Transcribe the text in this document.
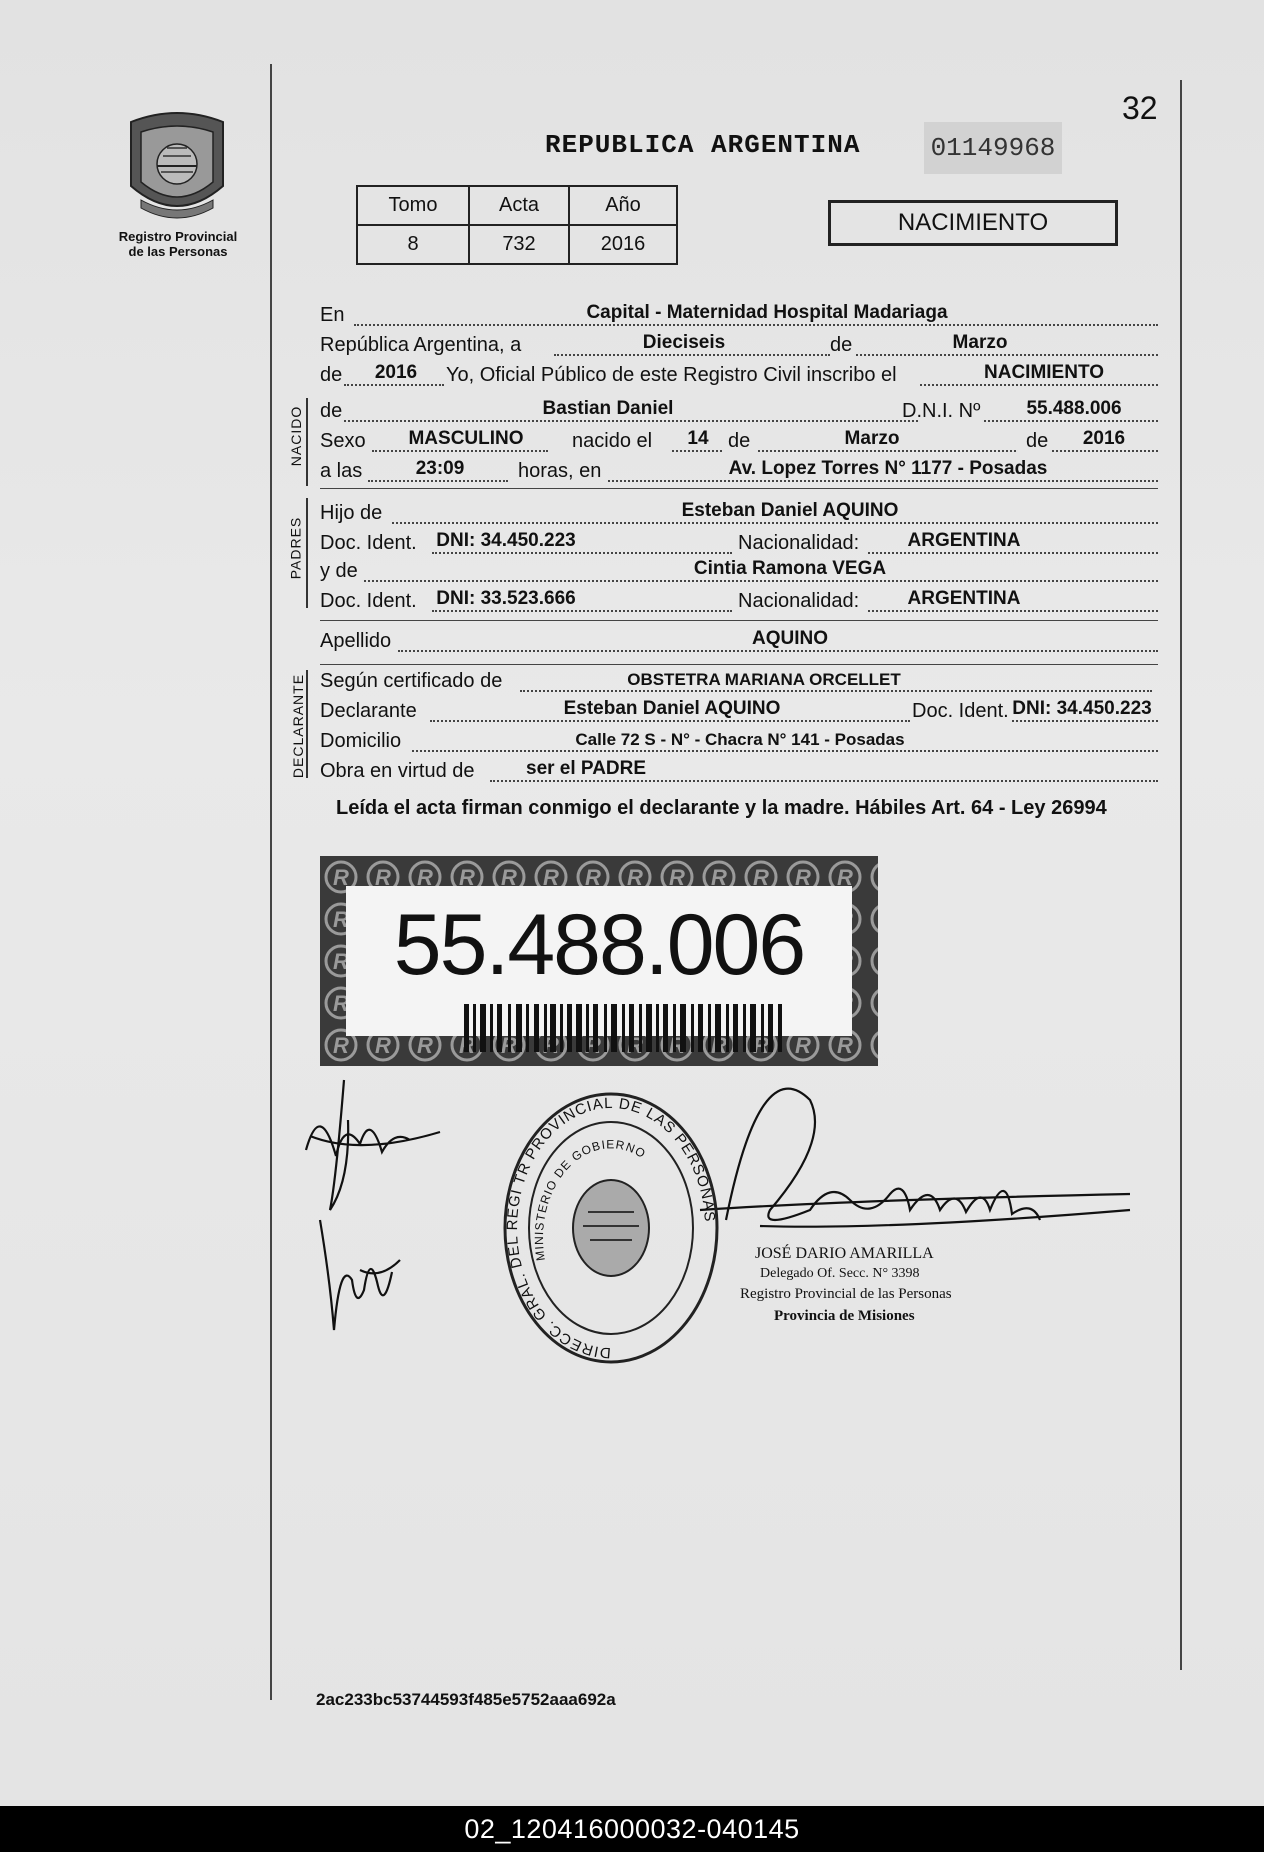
Registro Provincial
de las Personas
32
REPUBLICA ARGENTINA	01149968
Tomo	Acta	Año
8	732	2016
NACIMIENTO
En	Capital - Maternidad Hospital Madariaga
República Argentina, a	Dieciseis	de	Marzo
de 2016 Yo, Oficial Público de este Registro Civil inscribo el	NACIMIENTO
NACIDO de	Bastian Daniel	D.N.I. Nº 55.488.006
Sexo MASCULINO nacido el 14 de	Marzo	de 2016
a las	23:09	horas, en	Av. Lopez Torres N° 1177 - Posadas
PADRES
Hijo de	Esteban Daniel AQUINO
Doc. Ident. DNI: 34.450.223	Nacionalidad:	ARGENTINA
y de	Cintia Ramona VEGA
Doc. Ident. DNI: 33.523.666	Nacionalidad:	ARGENTINA
Apellido	AQUINO
DECLARANTE Según certificado de	OBSTETRA MARIANA ORCELLET
Declarante	Esteban Daniel AQUINO	Doc. Ident. DNI: 34.450.223
Domicilio	Calle 72 S - N° - Chacra N° 141 - Posadas
Obra en virtud de	ser el PADRE
Leída el acta firman conmigo el declarante y la madre. Hábiles Art. 64 - Ley 26994
55.488.006
DIRECC. GRAL. DEL REGI TR PROVINCIAL DE LAS PERSONAS
MINISTERIO DE GOBIERNO
JOSÉ DARIO AMARILLA
Delegado Of. Secc. N° 3398
Registro Provincial de las Personas
Provincia de Misiones
2ac233bc53744593f485e5752aaa692a
02_120416000032-040145
